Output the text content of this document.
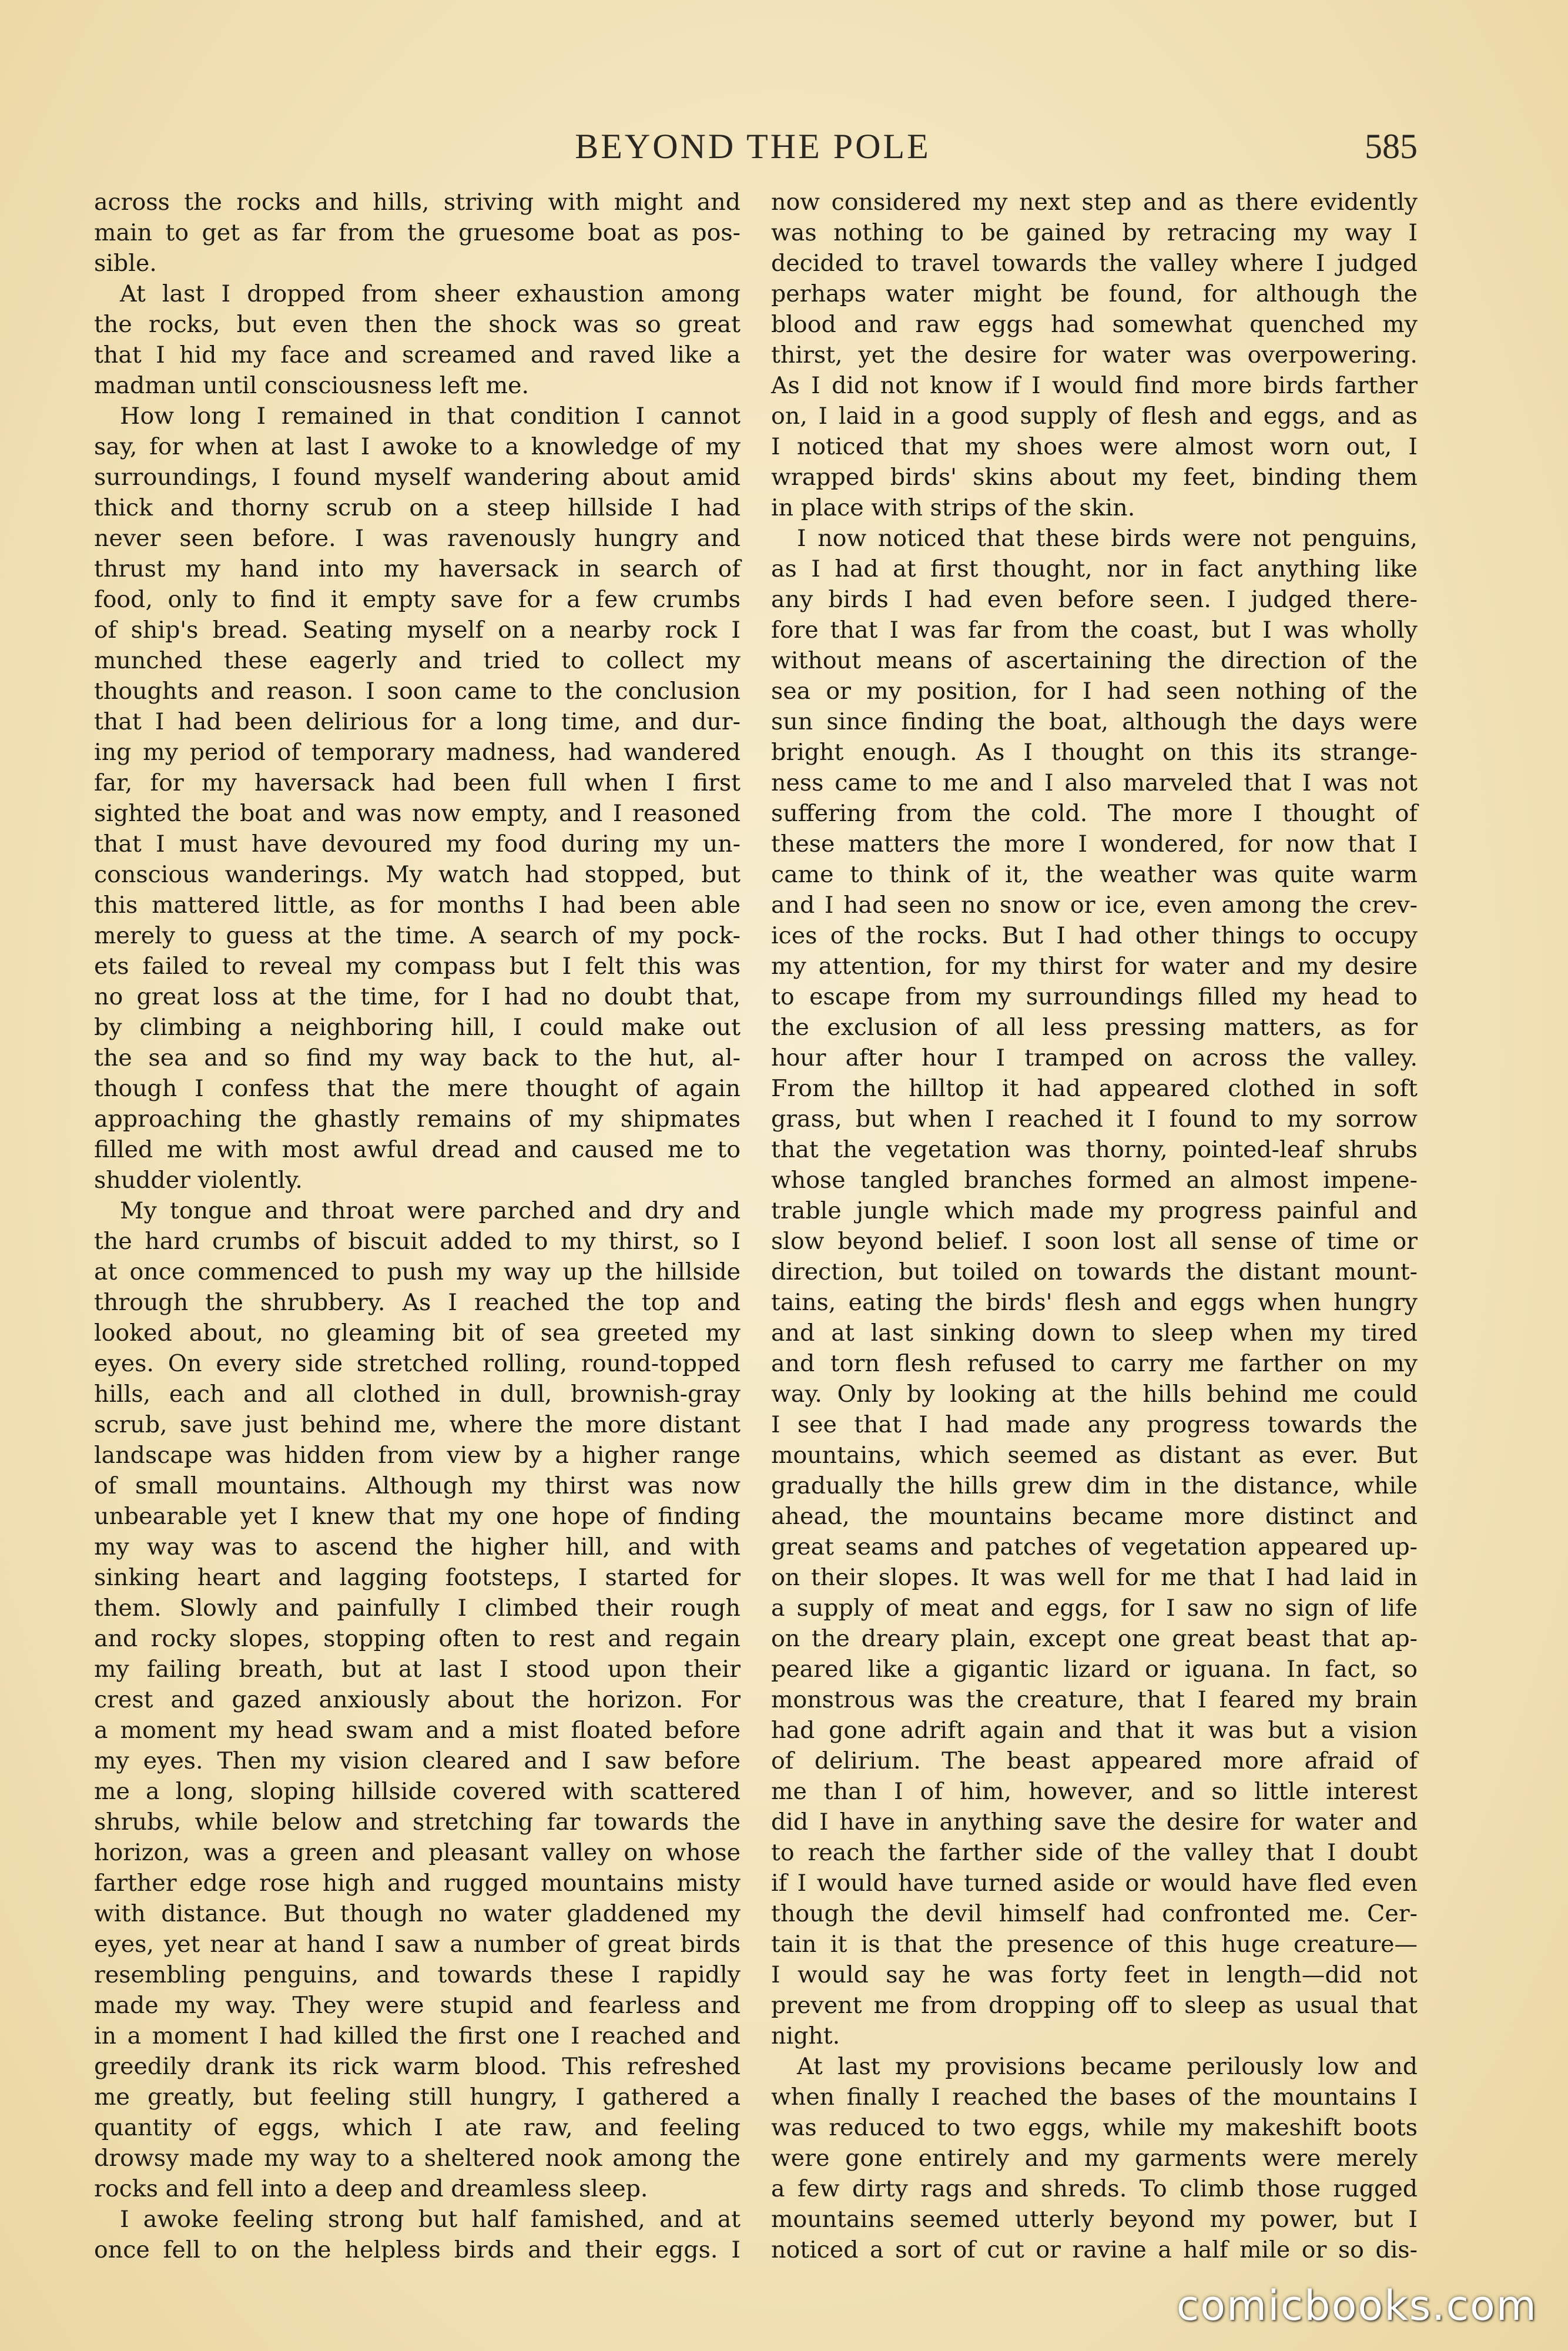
BEYOND THE POLE	585
across the rocks and hills, striving with might and
main to get as far from the gruesome boat as pos-
sible.
At last I dropped from sheer exhaustion among
the rocks, but even then the shock was so great
that I hid my face and screamed and raved like a
madman until consciousness left me.
How long I remained in that condition I cannot
say, for when at last I awoke to a knowledge of my
surroundings, I found myself wandering about amid
thick and thorny scrub on a steep hillside I had
never seen before. I was ravenously hungry and
thrust my hand into my haversack in search of
food, only to find it empty save for a few crumbs
of ship's bread. Seating myself on a nearby rock I
munched these eagerly and tried to collect my
thoughts and reason. I soon came to the conclusion
that I had been delirious for a long time, and dur-
ing my period of temporary madness, had wandered
far, for my haversack had been full when I first
sighted the boat and was now empty, and I reasoned
that I must have devoured my food during my un-
conscious wanderings. My watch had stopped, but
this mattered little, as for months I had been able
merely to guess at the time. A search of my pock-
ets failed to reveal my compass but I felt this was
no great loss at the time, for I had no doubt that,
by climbing a neighboring hill, I could make out
the sea and so find my way back to the hut, al-
though I confess that the mere thought of again
approaching the ghastly remains of my shipmates
filled me with most awful dread and caused me to
shudder violently.
My tongue and throat were parched and dry and
the hard crumbs of biscuit added to my thirst, so I
at once commenced to push my way up the hillside
through the shrubbery. As I reached the top and
looked about, no gleaming bit of sea greeted my
eyes. On every side stretched rolling, round-topped
hills, each and all clothed in dull, brownish-gray
scrub, save just behind me, where the more distant
landscape was hidden from view by a higher range
of small mountains. Although my thirst was now
unbearable yet I knew that my one hope of finding
my way was to ascend the higher hill, and with
sinking heart and lagging footsteps, I started for
them. Slowly and painfully I climbed their rough
and rocky slopes, stopping often to rest and regain
my failing breath, but at last I stood upon their
crest and gazed anxiously about the horizon. For
a moment my head swam and a mist floated before
my eyes. Then my vision cleared and I saw before
me a long, sloping hillside covered with scattered
shrubs, while below and stretching far towards the
horizon, was a green and pleasant valley on whose
farther edge rose high and rugged mountains misty
with distance. But though no water gladdened my
eyes, yet near at hand I saw a number of great birds
resembling penguins, and towards these I rapidly
made my way. They were stupid and fearless and
in a moment I had killed the first one I reached and
greedily drank its rick warm blood. This refreshed
me greatly, but feeling still hungry, I gathered a
quantity of eggs, which I ate raw, and feeling
drowsy made my way to a sheltered nook among the
rocks and fell into a deep and dreamless sleep.
I awoke feeling strong but half famished, and at
once fell to on the helpless birds and their eggs. I
now considered my next step and as there evidently
was nothing to be gained by retracing my way I
decided to travel towards the valley where I judged
perhaps water might be found, for although the
blood and raw eggs had somewhat quenched my
thirst, yet the desire for water was overpowering.
As I did not know if I would find more birds farther
on, I laid in a good supply of flesh and eggs, and as
I noticed that my shoes were almost worn out, I
wrapped birds' skins about my feet, binding them
in place with strips of the skin.
I now noticed that these birds were not penguins,
as I had at first thought, nor in fact anything like
any birds I had even before seen. I judged there-
fore that I was far from the coast, but I was wholly
without means of ascertaining the direction of the
sea or my position, for I had seen nothing of the
sun since finding the boat, although the days were
bright enough. As I thought on this its strange-
ness came to me and I also marveled that I was not
suffering from the cold. The more I thought of
these matters the more I wondered, for now that I
came to think of it, the weather was quite warm
and I had seen no snow or ice, even among the crev-
ices of the rocks. But I had other things to occupy
my attention, for my thirst for water and my desire
to escape from my surroundings filled my head to
the exclusion of all less pressing matters, as for
hour after hour I tramped on across the valley.
From the hilltop it had appeared clothed in soft
grass, but when I reached it I found to my sorrow
that the vegetation was thorny, pointed-leaf shrubs
whose tangled branches formed an almost impene-
trable jungle which made my progress painful and
slow beyond belief. I soon lost all sense of time or
direction, but toiled on towards the distant mount-
tains, eating the birds' flesh and eggs when hungry
and at last sinking down to sleep when my tired
and torn flesh refused to carry me farther on my
way. Only by looking at the hills behind me could
I see that I had made any progress towards the
mountains, which seemed as distant as ever. But
gradually the hills grew dim in the distance, while
ahead, the mountains became more distinct and
great seams and patches of vegetation appeared up-
on their slopes. It was well for me that I had laid in
a supply of meat and eggs, for I saw no sign of life
on the dreary plain, except one great beast that ap-
peared like a gigantic lizard or iguana. In fact, so
monstrous was the creature, that I feared my brain
had gone adrift again and that it was but a vision
of delirium. The beast appeared more afraid of
me than I of him, however, and so little interest
did I have in anything save the desire for water and
to reach the farther side of the valley that I doubt
if I would have turned aside or would have fled even
though the devil himself had confronted me. Cer-
tain it is that the presence of this huge creature—
I would say he was forty feet in length—did not
prevent me from dropping off to sleep as usual that
night.
At last my provisions became perilously low and
when finally I reached the bases of the mountains I
was reduced to two eggs, while my makeshift boots
were gone entirely and my garments were merely
a few dirty rags and shreds. To climb those rugged
mountains seemed utterly beyond my power, but I
noticed a sort of cut or ravine a half mile or so dis-
comicbooks.com
